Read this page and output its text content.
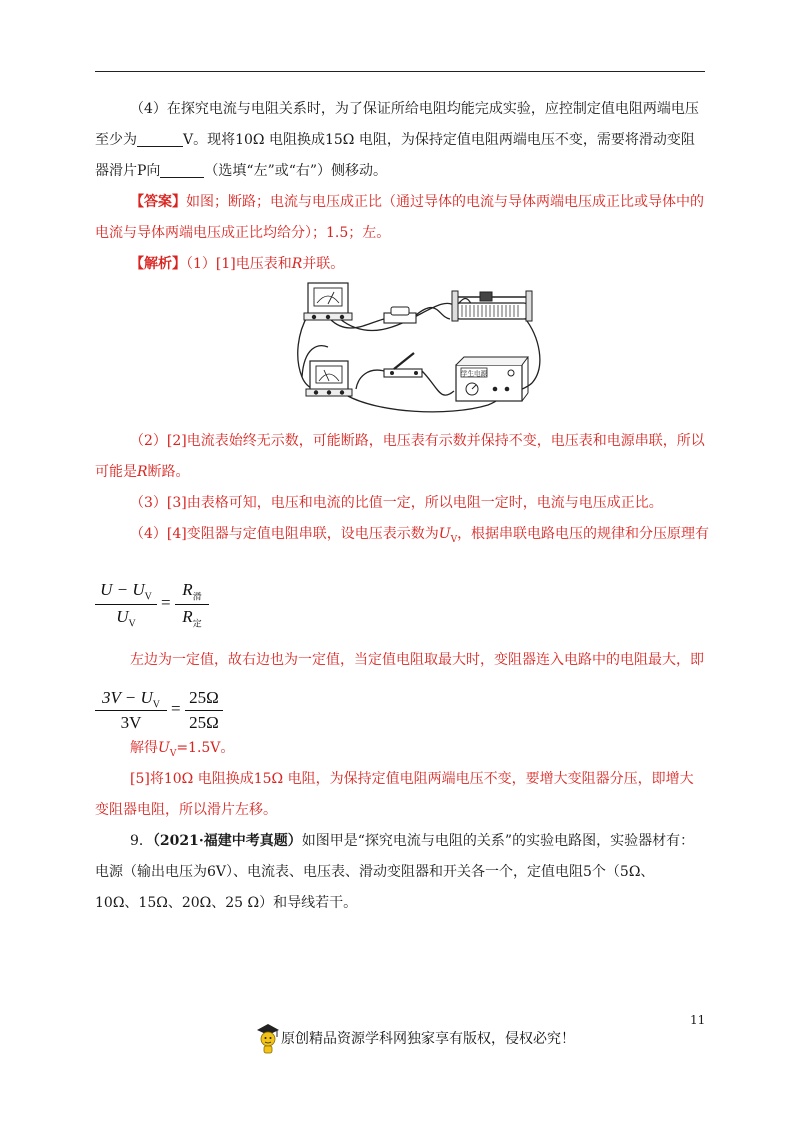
（4）在探究电流与电阻关系时，为了保证所给电阻均能完成实验，应控制定值电阻两端电压
至少为	V。现将10Ω 电阻换成15Ω 电阻，为保持定值电阻两端电压不变，需要将滑动变阻
器滑片P向	（选填“左”或“右”）侧移动。
【答案】如图；断路；电流与电压成正比（通过导体的电流与导体两端电压成正比或导体中的
电流与导体两端电压成正比均给分）；1.5；左。
【解析】（1）[1]电压表和R并联。
学生电源
（2）[2]电流表始终无示数，可能断路，电压表有示数并保持不变，电压表和电源串联，所以
可能是R断路。
（3）[3]由表格可知，电压和电流的比值一定，所以电阻一定时，电流与电压成正比。
（4）[4]变阻器与定值电阻串联，设电压表示数为$U_V$，根据串联电路电压的规律和分压原理有
$U - U_V$
$U_V$
=
$R_滑$
$R_定$
左边为一定值，故右边也为一定值，当定值电阻取最大时，变阻器连入电路中的电阻最大，即
$3V - U_V$
3V
=
25Ω
25Ω
解得$U_V=1.5V$。
[5]将10Ω 电阻换成15Ω 电阻，为保持定值电阻两端电压不变，要增大变阻器分压，即增大
变阻器电阻，所以滑片左移。
9．（2021·福建中考真题）如图甲是“探究电流与电阻的关系”的实验电路图，实验器材有：
电源（输出电压为6V）、电流表、电压表、滑动变阻器和开关各一个，定值电阻5个（5Ω、
10Ω、15Ω、20Ω、25 Ω）和导线若干。
11
原创精品资源学科网独家享有版权，侵权必究！
